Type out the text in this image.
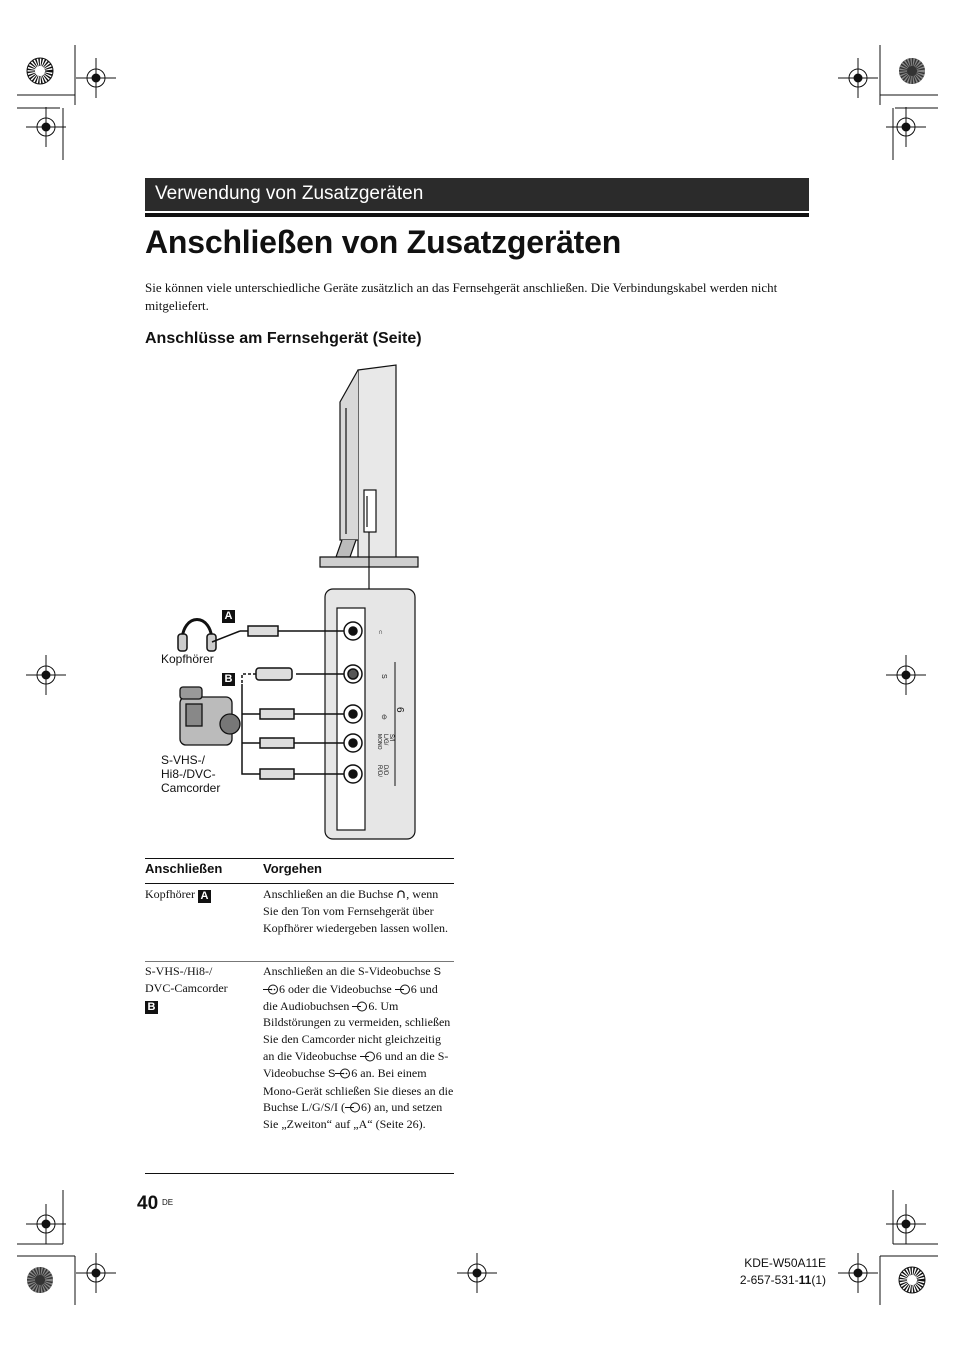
Verwendung von Zusatzgeräten
Anschließen von Zusatzgeräten
Sie können viele unterschiedliche Geräte zusätzlich an das Fernsehgerät anschließen. Die Verbindungskabel werden nicht mitgeliefert.
Anschlüsse am Fernsehgerät (Seite)
∩
S
⊖
MONO L/G/ S/I
R/D/ D/D
6
A
B
Kopfhörer
S-VHS-/
Hi8-/DVC-
Camcorder
Anschließen	Vorgehen
Kopfhörer A	Anschließen an die Buchse , wenn Sie den Ton vom Fernsehgerät über Kopfhörer wiedergeben lassen wollen.
S-VHS-/Hi8-/
DVC-Camcorder
B
Anschließen an die S-Videobuchse S6 oder die Videobuchse 6 und die Audiobuchsen 6. Um Bildstörungen zu vermeiden, schließen Sie den Camcorder nicht gleichzeitig an die Videobuchse 6 und an die S-Videobuchse S 6 an. Bei einem Mono-Gerät schließen Sie dieses an die Buchse L/G/S/I ( 6) an, und setzen Sie „Zweiton“ auf „A“ (Seite 26).
40 DE
KDE-W50A11E
2-657-531-11(1)
